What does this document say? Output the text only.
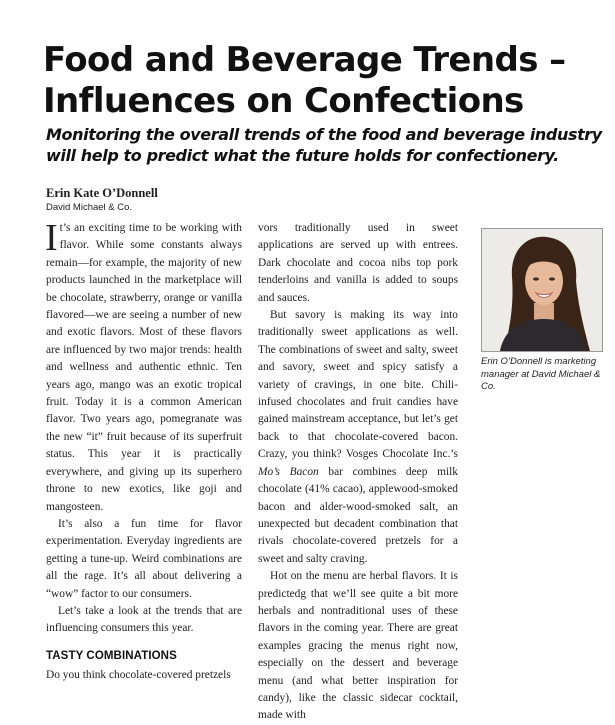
Food and Beverage Trends –
Influences on Confections

Monitoring the overall trends of the food and beverage industry will help to predict what the future holds for confectionery.

Erin Kate O’Donnell
David Michael & Co.

It’s an exciting time to be working with flavor. While some constants always remain—for example, the majority of new products launched in the marketplace will be chocolate, strawberry, orange or vanilla flavored—we are seeing a number of new and exotic flavors. Most of these flavors are influenced by two major trends: health and wellness and authentic ethnic. Ten years ago, mango was an exotic tropical fruit. Today it is a common American flavor. Two years ago, pomegranate was the new “it” fruit because of its superfruit status. This year it is practically everywhere, and giving up its superhero throne to new exotics, like goji and mangosteen.

It’s also a fun time for flavor experimentation. Everyday ingredients are getting a tune-up. Weird combinations are all the rage. It’s all about delivering a “wow” factor to our consumers.

Let’s take a look at the trends that are influencing consumers this year.

TASTY COMBINATIONS

Do you think chocolate-covered pretzels

vors traditionally used in sweet applications are served up with entrees. Dark chocolate and cocoa nibs top pork tenderloins and vanilla is added to soups and sauces.

But savory is making its way into traditionally sweet applications as well. The combinations of sweet and salty, sweet and savory, sweet and spicy satisfy a variety of cravings, in one bite. Chili-infused chocolates and fruit candies have gained mainstream acceptance, but let’s get back to that chocolate-covered bacon. Crazy, you think? Vosges Chocolate Inc.’s Mo’s Bacon bar combines deep milk chocolate (41% cacao), applewood-smoked bacon and alder-wood-smoked salt, an unexpected but decadent combination that rivals chocolate-covered pretzels for a sweet and salty craving.

Hot on the menu are herbal flavors. It is predictedg that we’ll see quite a bit more herbals and nontraditional uses of these flavors in the coming year. There are great examples gracing the menus right now, especially on the dessert and beverage menu (and what better inspiration for candy), like the classic sidecar cocktail, made with

Erin O’Donnell is marketing manager at David Michael & Co.
